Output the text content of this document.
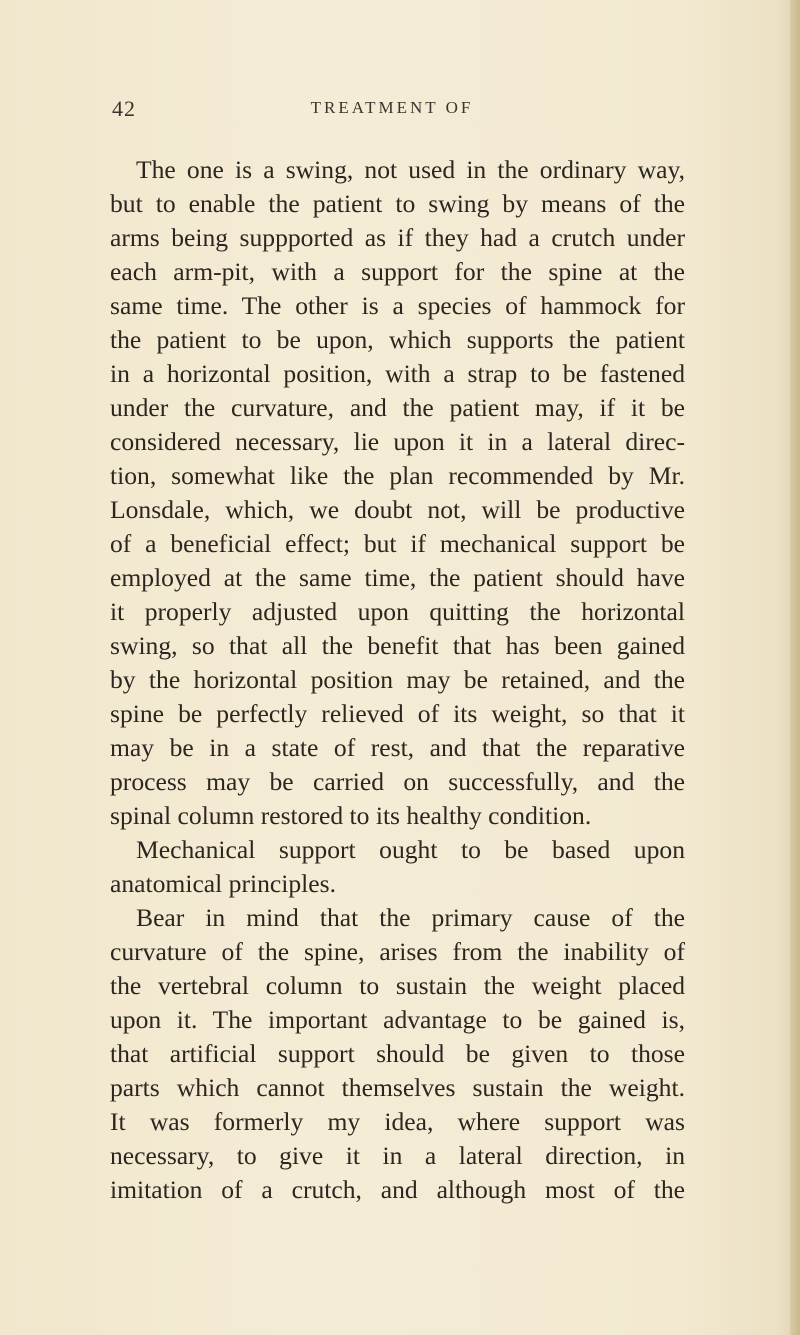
42	TREATMENT OF
The one is a swing, not used in the ordinary way,
but to enable the patient to swing by means of the
arms being suppported as if they had a crutch under
each arm-pit, with a support for the spine at the
same time. The other is a species of hammock for
the patient to be upon, which supports the patient
in a horizontal position, with a strap to be fastened
under the curvature, and the patient may, if it be
considered necessary, lie upon it in a lateral direc-
tion, somewhat like the plan recommended by Mr.
Lonsdale, which, we doubt not, will be productive
of a beneficial effect; but if mechanical support be
employed at the same time, the patient should have
it properly adjusted upon quitting the horizontal
swing, so that all the benefit that has been gained
by the horizontal position may be retained, and the
spine be perfectly relieved of its weight, so that it
may be in a state of rest, and that the reparative
process may be carried on successfully, and the
spinal column restored to its healthy condition.
Mechanical support ought to be based upon
anatomical principles.
Bear in mind that the primary cause of the
curvature of the spine, arises from the inability of
the vertebral column to sustain the weight placed
upon it. The important advantage to be gained is,
that artificial support should be given to those
parts which cannot themselves sustain the weight.
It was formerly my idea, where support was
necessary, to give it in a lateral direction, in
imitation of a crutch, and although most of the
